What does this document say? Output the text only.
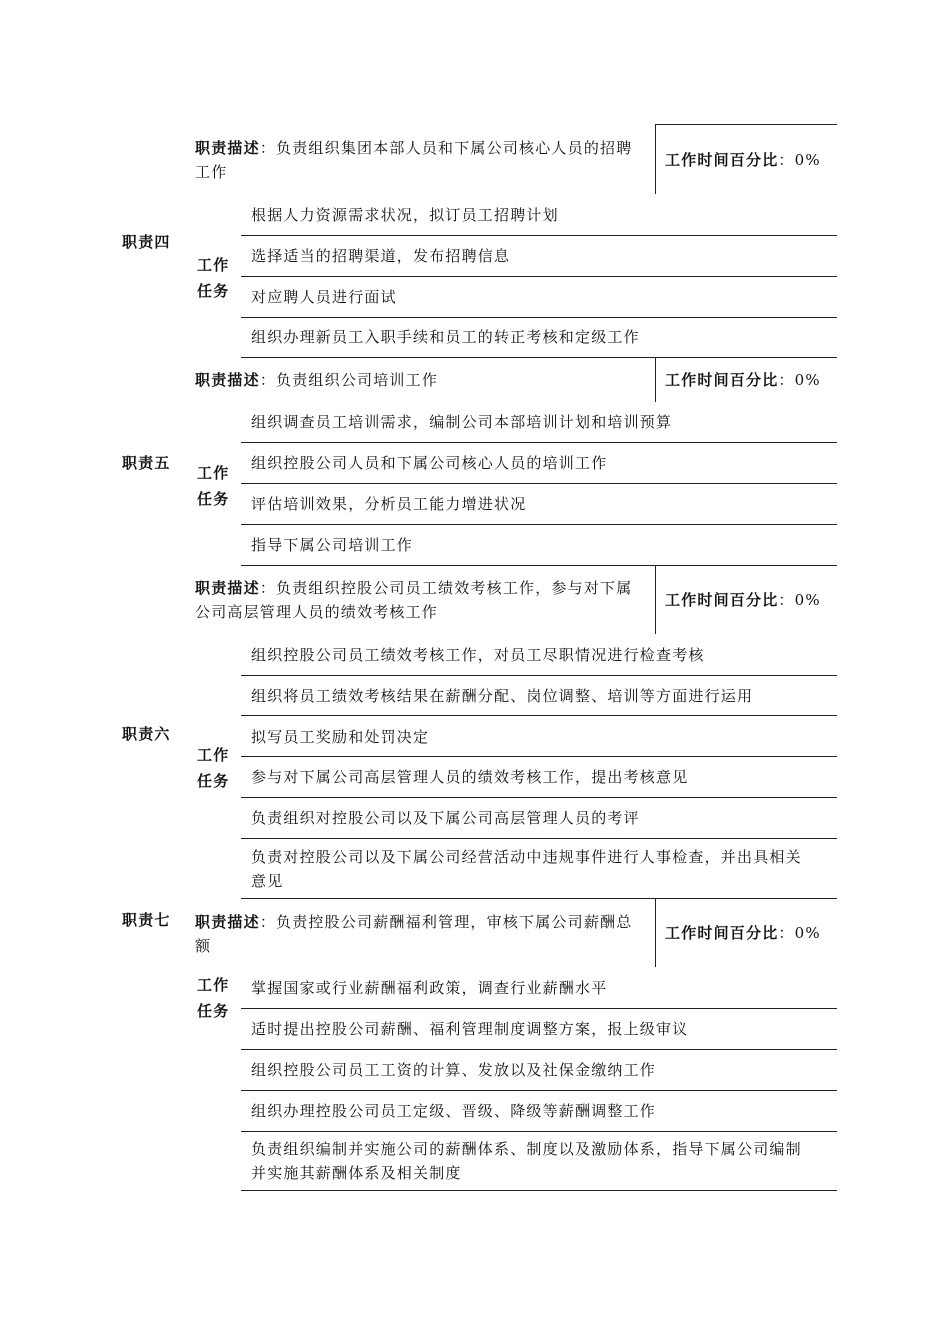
职责描述：负责组织集团本部人员和下属公司核心人员的招聘
工作
工作时间百分比：0%
职责四
工作
任务
根据人力资源需求状况，拟订员工招聘计划
选择适当的招聘渠道，发布招聘信息
对应聘人员进行面试
组织办理新员工入职手续和员工的转正考核和定级工作
职责描述：负责组织公司培训工作	工作时间百分比：0%
职责五
工作
任务
组织调查员工培训需求，编制公司本部培训计划和培训预算
组织控股公司人员和下属公司核心人员的培训工作
评估培训效果，分析员工能力增进状况
指导下属公司培训工作
职责描述：负责组织控股公司员工绩效考核工作，参与对下属
公司高层管理人员的绩效考核工作
工作时间百分比：0%
职责六
工作
任务
组织控股公司员工绩效考核工作，对员工尽职情况进行检查考核
组织将员工绩效考核结果在薪酬分配、岗位调整、培训等方面进行运用
拟写员工奖励和处罚决定
参与对下属公司高层管理人员的绩效考核工作，提出考核意见
负责组织对控股公司以及下属公司高层管理人员的考评
负责对控股公司以及下属公司经营活动中违规事件进行人事检查，并出具相关
意见
职责七 职责描述：负责控股公司薪酬福利管理，审核下属公司薪酬总
额
工作时间百分比：0%
工作
任务
掌握国家或行业薪酬福利政策，调查行业薪酬水平
适时提出控股公司薪酬、福利管理制度调整方案，报上级审议
组织控股公司员工工资的计算、发放以及社保金缴纳工作
组织办理控股公司员工定级、晋级、降级等薪酬调整工作
负责组织编制并实施公司的薪酬体系、制度以及激励体系，指导下属公司编制
并实施其薪酬体系及相关制度
